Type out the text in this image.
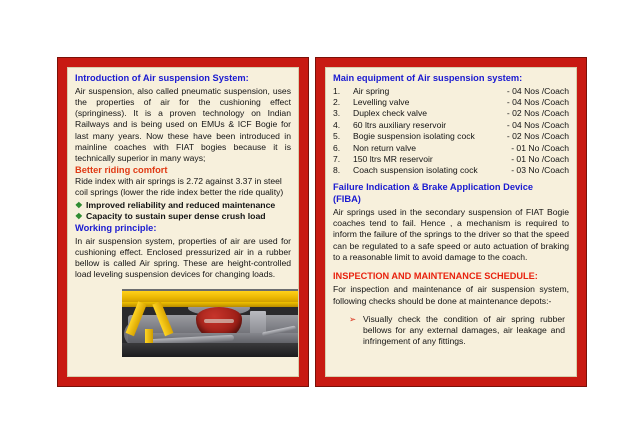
Introduction of Air suspension System:

Air suspension, also called pneumatic suspension, uses the properties of air for the cushioning effect (springiness). It is a proven technology on Indian Railways and is being used on EMUs & ICF Bogie for last many years. Now these have been introduced in mainline coaches with FIAT bogies because it is technically superior in many ways;

Better riding comfort

Ride index with air springs is 2.72 against 3.37 in steel coil springs (lower the ride index better the ride quality)

❖ Improved reliability and reduced maintenance
❖ Capacity to sustain super dense crush load
Working principle:

In air suspension system, properties of air are used for cushioning effect. Enclosed pressurized air in a rubber bellow is called Air spring. These are height-controlled load leveling suspension devices for changing loads.

Main equipment of Air suspension system:
1.	Air spring	- 04 Nos /Coach
2.	Levelling valve	- 04 Nos /Coach
3.	Duplex check valve	- 02 Nos /Coach
4.	60 ltrs auxiliary reservoir	- 04 Nos /Coach
5.	Bogie suspension isolating cock	- 02 Nos /Coach
6.	Non return valve	- 01 No /Coach
7.	150 ltrs MR reservoir	- 01 No /Coach
8.	Coach suspension isolating cock	- 03 No /Coach
Failure Indication & Brake Application Device
(FIBA)

Air springs used in the secondary suspension of FIAT Bogie coaches tend to fail. Hence , a mechanism is required to inform the failure of the springs to the driver so that the speed can be regulated to a safe speed or auto actuation of braking to a reasonable limit to avoid damage to the coach.

INSPECTION AND MAINTENANCE SCHEDULE:

For inspection and maintenance of air suspension system, following checks should be done at maintenance depots:-

➢ Visually check the condition of air spring rubber bellows for any external damages, air leakage and infringement of any fittings.
